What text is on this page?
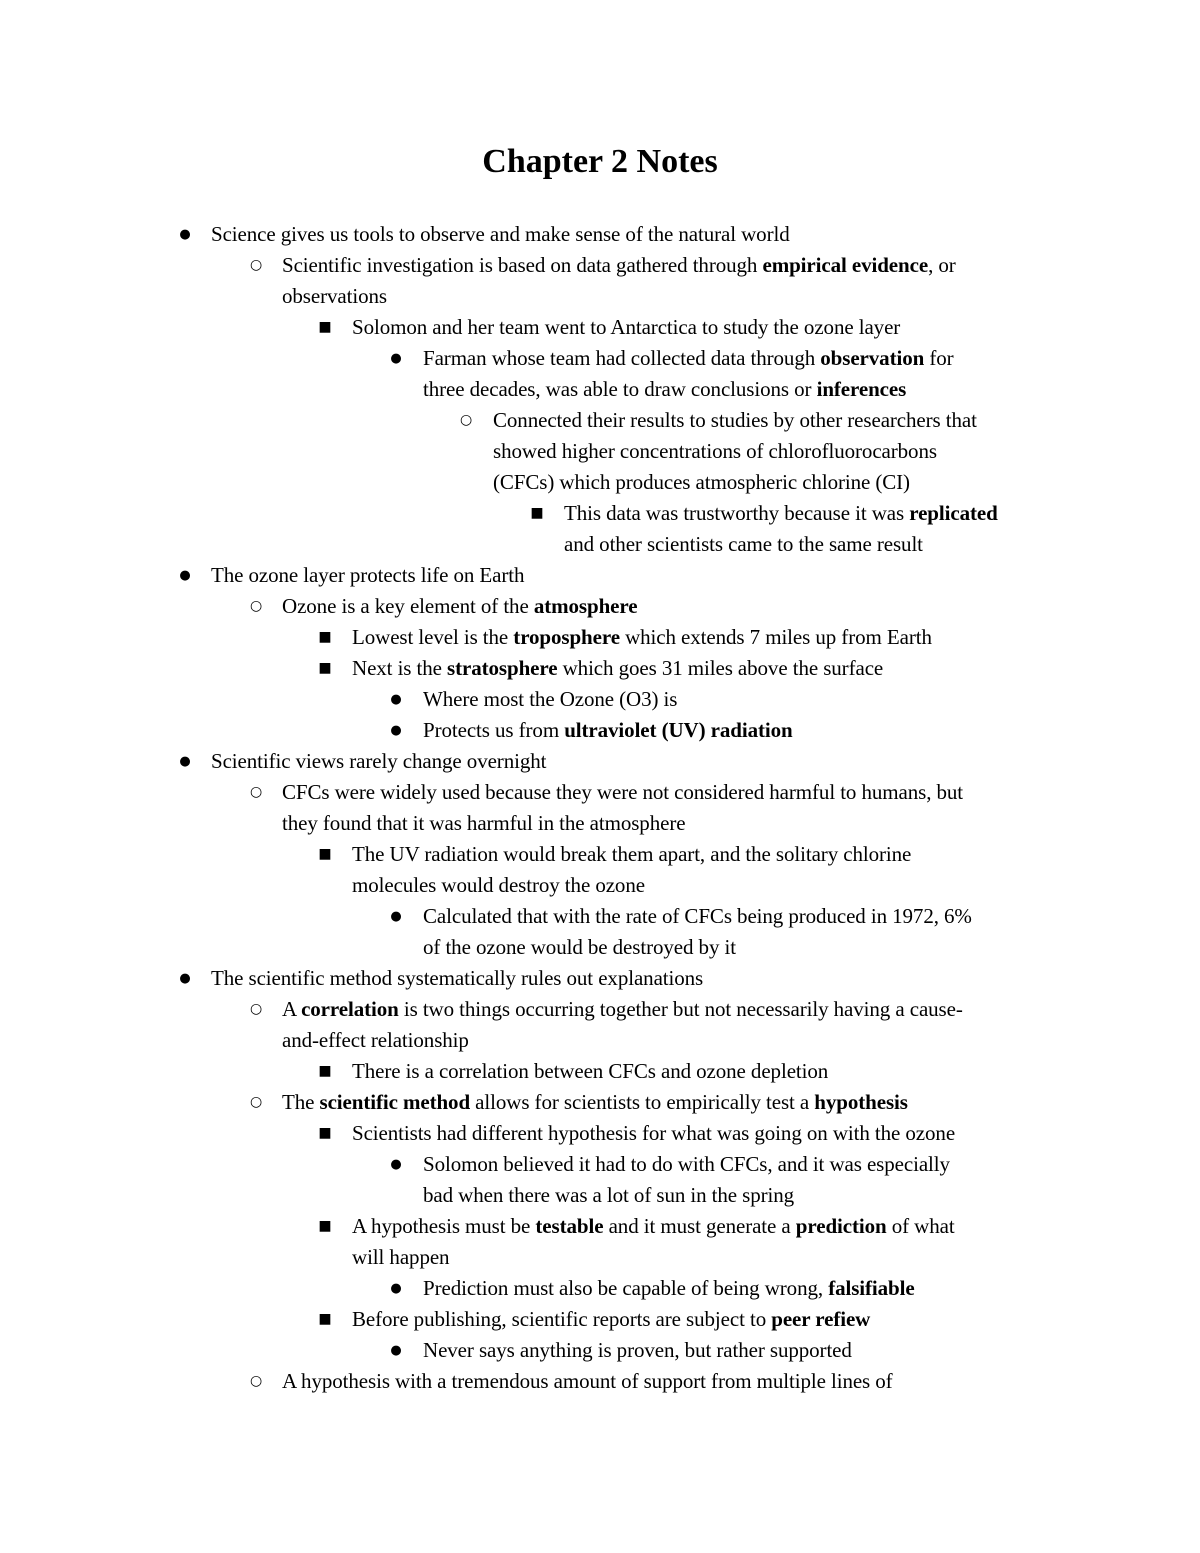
Chapter 2 Notes
● Science gives us tools to observe and make sense of the natural world
○ Scientific investigation is based on data gathered through empirical evidence, or
observations
■ Solomon and her team went to Antarctica to study the ozone layer
● Farman whose team had collected data through observation for
three decades, was able to draw conclusions or inferences
○ Connected their results to studies by other researchers that
showed higher concentrations of chlorofluorocarbons
(CFCs) which produces atmospheric chlorine (CI)
■ This data was trustworthy because it was replicated
and other scientists came to the same result
● The ozone layer protects life on Earth
○ Ozone is a key element of the atmosphere
■ Lowest level is the troposphere which extends 7 miles up from Earth
■ Next is the stratosphere which goes 31 miles above the surface
● Where most the Ozone (O3) is
● Protects us from ultraviolet (UV) radiation
● Scientific views rarely change overnight
○ CFCs were widely used because they were not considered harmful to humans, but
they found that it was harmful in the atmosphere
■ The UV radiation would break them apart, and the solitary chlorine
molecules would destroy the ozone
● Calculated that with the rate of CFCs being produced in 1972, 6%
of the ozone would be destroyed by it
● The scientific method systematically rules out explanations
○ A correlation is two things occurring together but not necessarily having a cause-
and-effect relationship
■ There is a correlation between CFCs and ozone depletion
○ The scientific method allows for scientists to empirically test a hypothesis
■ Scientists had different hypothesis for what was going on with the ozone
● Solomon believed it had to do with CFCs, and it was especially
bad when there was a lot of sun in the spring
■ A hypothesis must be testable and it must generate a prediction of what
will happen
● Prediction must also be capable of being wrong, falsifiable
■ Before publishing, scientific reports are subject to peer refiew
● Never says anything is proven, but rather supported
○ A hypothesis with a tremendous amount of support from multiple lines of
